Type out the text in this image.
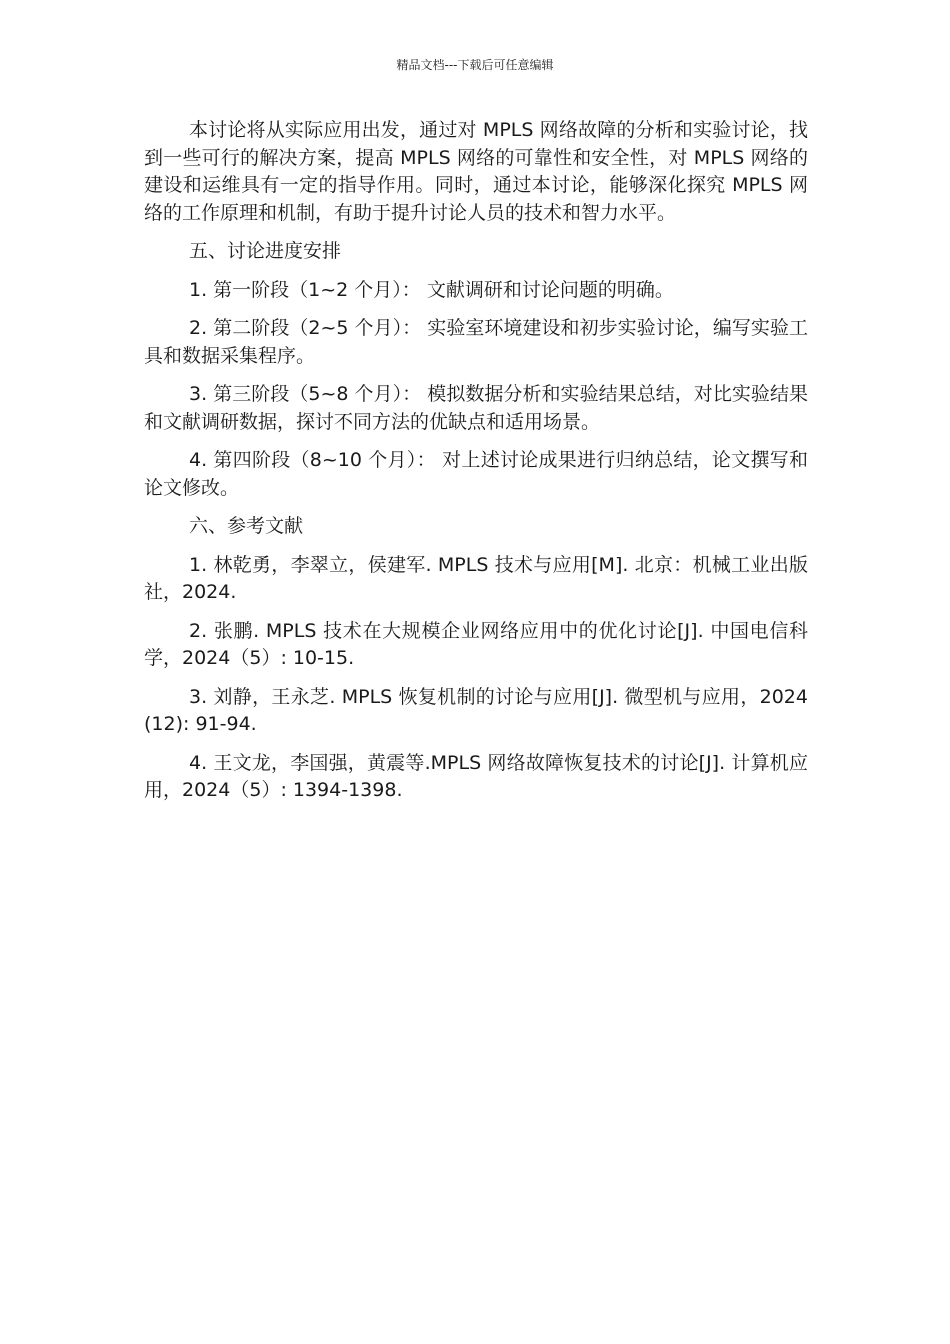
精品文档---下载后可任意编辑

本讨论将从实际应用出发，通过对 MPLS 网络故障的分析和实验讨论，找到一些可行的解决方案，提高 MPLS 网络的可靠性和安全性，对 MPLS 网络的建设和运维具有一定的指导作用。同时，通过本讨论，能够深化探究 MPLS 网络的工作原理和机制，有助于提升讨论人员的技术和智力水平。

五、讨论进度安排

1. 第一阶段（1~2 个月）： 文献调研和讨论问题的明确。

2. 第二阶段（2~5 个月）： 实验室环境建设和初步实验讨论，编写实验工具和数据采集程序。

3. 第三阶段（5~8 个月）： 模拟数据分析和实验结果总结，对比实验结果和文献调研数据，探讨不同方法的优缺点和适用场景。

4. 第四阶段（8~10 个月）： 对上述讨论成果进行归纳总结，论文撰写和论文修改。

六、参考文献

1. 林乾勇，李翠立，侯建军. MPLS 技术与应用[M]. 北京：机械工业出版社，2024.

2. 张鹏. MPLS 技术在大规模企业网络应用中的优化讨论[J]. 中国电信科学，2024（5）: 10-15.

3. 刘静，王永芝. MPLS 恢复机制的讨论与应用[J]. 微型机与应用，2024(12): 91-94.

4. 王文龙，李国强，黄震等.MPLS 网络故障恢复技术的讨论[J]. 计算机应用，2024（5）: 1394-1398.
